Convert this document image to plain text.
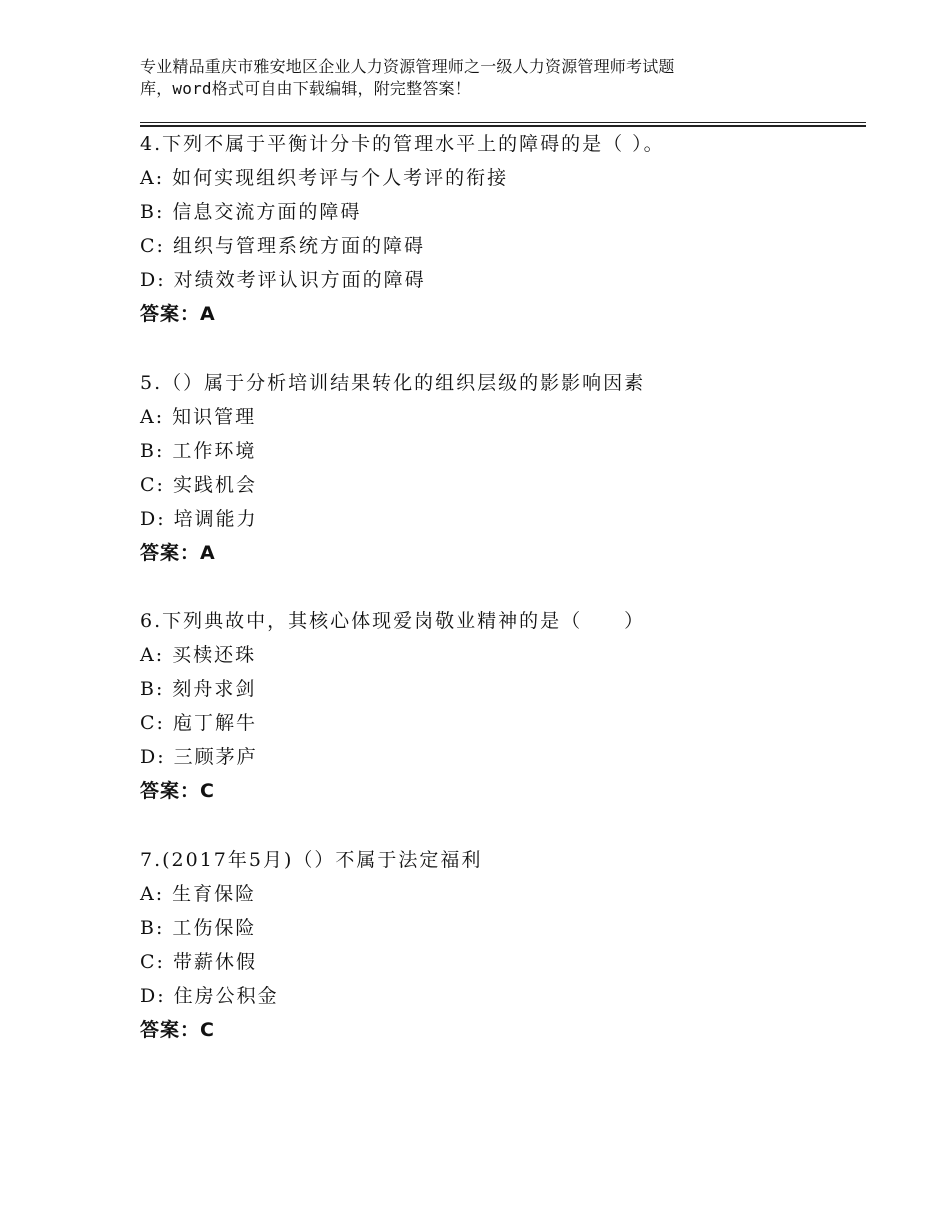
专业精品重庆市雅安地区企业人力资源管理师之一级人力资源管理师考试题
库，word格式可自由下载编辑，附完整答案！
4.下列不属于平衡计分卡的管理水平上的障碍的是（ ）。
A: 如何实现组织考评与个人考评的衔接
B: 信息交流方面的障碍
C: 组织与管理系统方面的障碍
D: 对绩效考评认识方面的障碍
答案：A
5.（）属于分析培训结果转化的组织层级的影影响因素
A: 知识管理
B: 工作环境
C: 实践机会
D: 培调能力
答案：A
6.下列典故中，其核心体现爱岗敬业精神的是（　　）
A: 买椟还珠
B: 刻舟求剑
C: 庖丁解牛
D: 三顾茅庐
答案：C
7.(2017年5月)（）不属于法定福利
A: 生育保险
B: 工伤保险
C: 带薪休假
D: 住房公积金
答案：C
